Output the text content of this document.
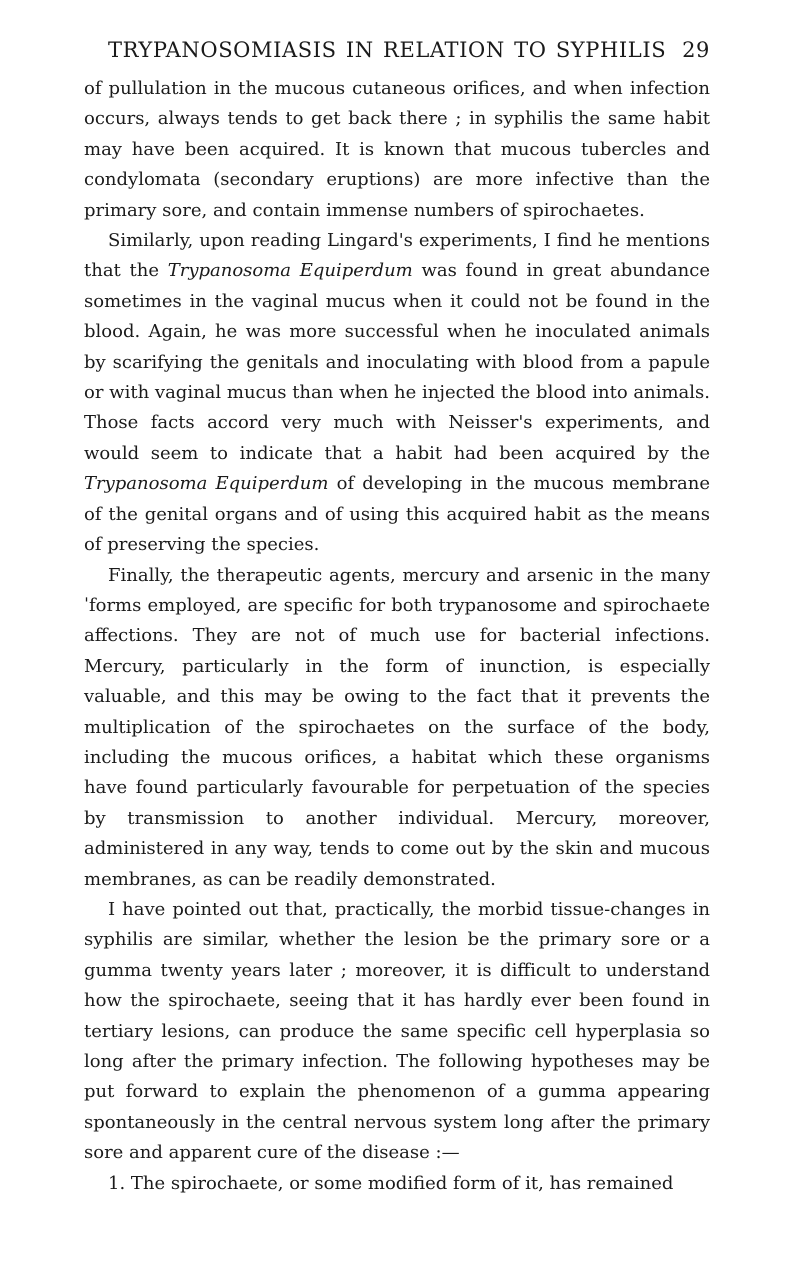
TRYPANOSOMIASIS IN RELATION TO SYPHILIS 29

of pullulation in the mucous cutaneous orifices, and when infection occurs, always tends to get back there ; in syphilis the same habit may have been acquired. It is known that mucous tubercles and condylomata (secondary eruptions) are more infective than the primary sore, and contain immense numbers of spirochaetes.

Similarly, upon reading Lingard's experiments, I find he mentions that the Trypanosoma Equiperdum was found in great abundance sometimes in the vaginal mucus when it could not be found in the blood. Again, he was more successful when he inoculated animals by scarifying the genitals and inoculating with blood from a papule or with vaginal mucus than when he injected the blood into animals. Those facts accord very much with Neisser's experiments, and would seem to indicate that a habit had been acquired by the Trypanosoma Equiperdum of developing in the mucous membrane of the genital organs and of using this acquired habit as the means of preserving the species.

Finally, the therapeutic agents, mercury and arsenic in the many ˈforms employed, are specific for both trypanosome and spirochaete affections. They are not of much use for bacterial infections. Mercury, particularly in the form of inunction, is especially valuable, and this may be owing to the fact that it prevents the multiplication of the spirochaetes on the surface of the body, including the mucous orifices, a habitat which these organisms have found particularly favourable for perpetuation of the species by transmission to another individual. Mercury, moreover, administered in any way, tends to come out by the skin and mucous membranes, as can be readily demonstrated.

I have pointed out that, practically, the morbid tissue-changes in syphilis are similar, whether the lesion be the primary sore or a gumma twenty years later ; moreover, it is difficult to understand how the spirochaete, seeing that it has hardly ever been found in tertiary lesions, can produce the same specific cell hyperplasia so long after the primary infection. The following hypotheses may be put forward to explain the phenomenon of a gumma appearing spontaneously in the central nervous system long after the primary sore and apparent cure of the disease :—

1. The spirochaete, or some modified form of it, has remained
